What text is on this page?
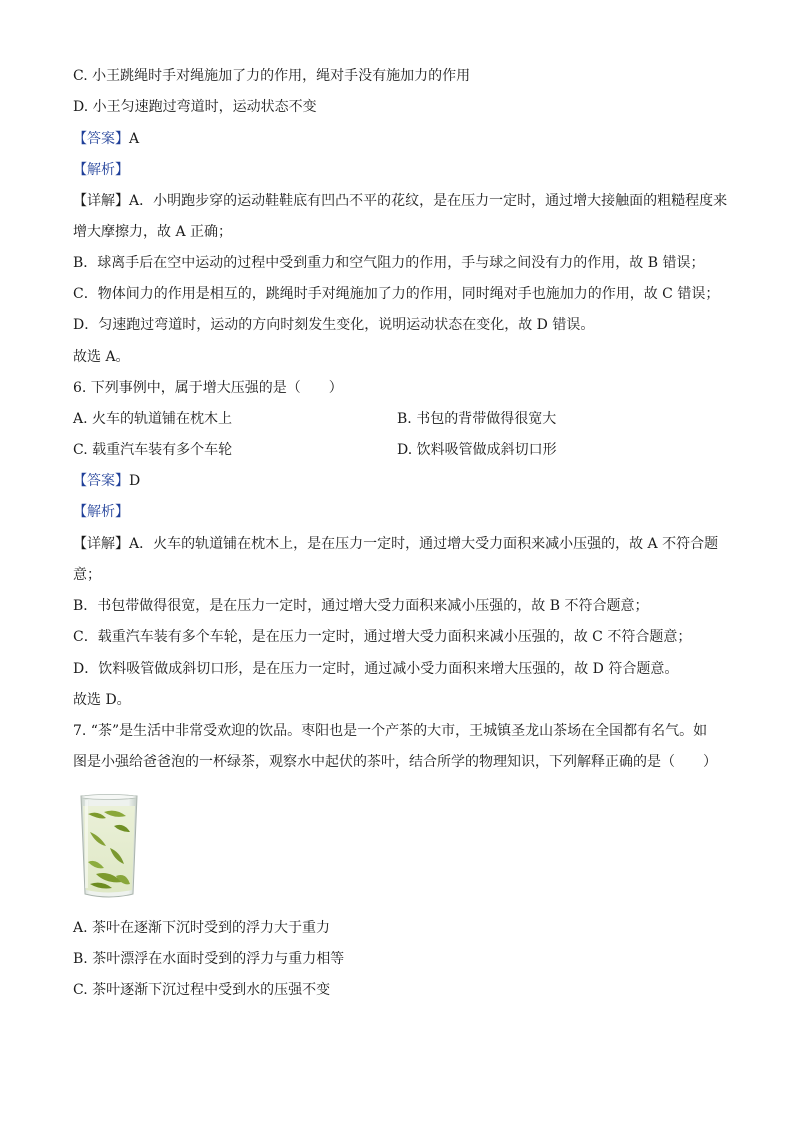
C. 小王跳绳时手对绳施加了力的作用，绳对手没有施加力的作用
D. 小王匀速跑过弯道时，运动状态不变
【答案】A
【解析】
【详解】A．小明跑步穿的运动鞋鞋底有凹凸不平的花纹，是在压力一定时，通过增大接触面的粗糙程度来
增大摩擦力，故 A 正确；
B．球离手后在空中运动的过程中受到重力和空气阻力的作用，手与球之间没有力的作用，故 B 错误；
C．物体间力的作用是相互的，跳绳时手对绳施加了力的作用，同时绳对手也施加力的作用，故 C 错误；
D．匀速跑过弯道时，运动的方向时刻发生变化，说明运动状态在变化，故 D 错误。
故选 A。
6. 下列事例中，属于增大压强的是（　　）
A. 火车的轨道铺在枕木上	B. 书包的背带做得很宽大
C. 载重汽车装有多个车轮	D. 饮料吸管做成斜切口形
【答案】D
【解析】
【详解】A．火车的轨道铺在枕木上，是在压力一定时，通过增大受力面积来减小压强的，故 A 不符合题
意；
B．书包带做得很宽，是在压力一定时，通过增大受力面积来减小压强的，故 B 不符合题意；
C．载重汽车装有多个车轮，是在压力一定时，通过增大受力面积来减小压强的，故 C 不符合题意；
D．饮料吸管做成斜切口形，是在压力一定时，通过减小受力面积来增大压强的，故 D 符合题意。
故选 D。
7. “茶”是生活中非常受欢迎的饮品。枣阳也是一个产茶的大市，王城镇圣龙山茶场在全国都有名气。如
图是小强给爸爸泡的一杯绿茶，观察水中起伏的茶叶，结合所学的物理知识，下列解释正确的是（　　）
A. 茶叶在逐渐下沉时受到的浮力大于重力
B. 茶叶漂浮在水面时受到的浮力与重力相等
C. 茶叶逐渐下沉过程中受到水的压强不变
